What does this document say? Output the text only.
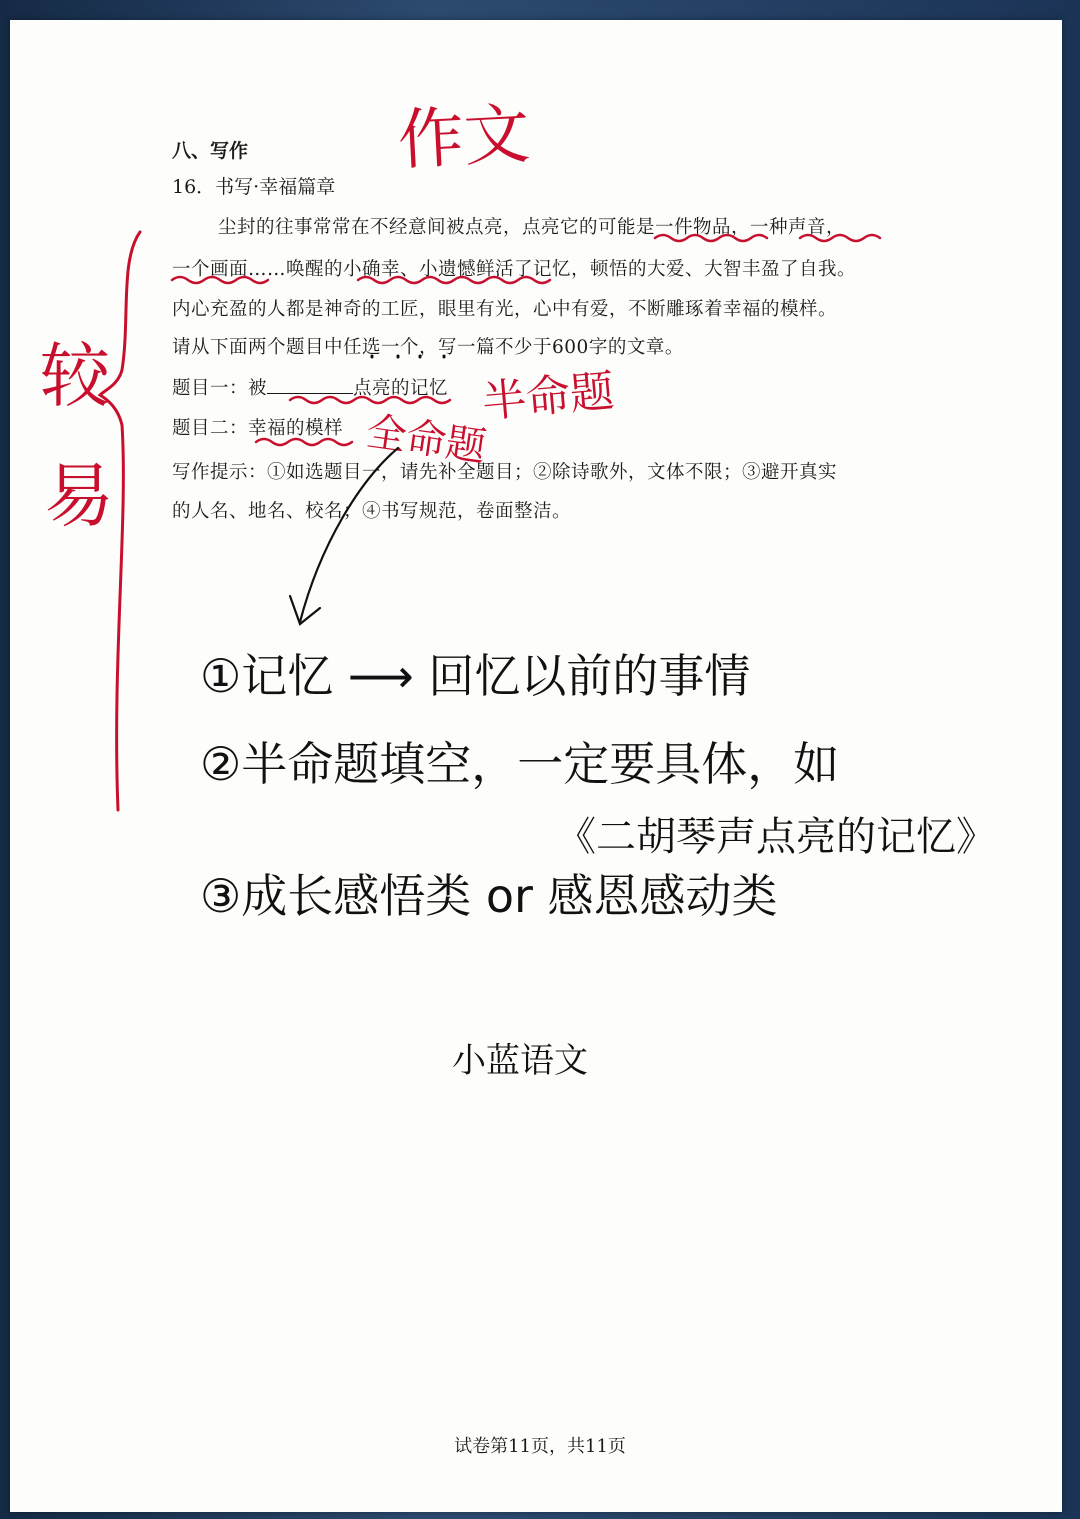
八、写作
16．书写·幸福篇章
尘封的往事常常在不经意间被点亮，点亮它的可能是一件物品，一种声音，
一个画面……唤醒的小确幸、小遗憾鲜活了记忆，顿悟的大爱、大智丰盈了自我。
内心充盈的人都是神奇的工匠，眼里有光，心中有爱，不断雕琢着幸福的模样。
请从下面两个题目中任选一个，写一篇不少于600字的文章。
题目一：被	点亮的记忆
题目二：幸福的模样
写作提示：①如选题目一，请先补全题目；②除诗歌外，文体不限；③避开真实
的人名、地名、校名；④书写规范，卷面整洁。
试卷第11页，共11页
作文
半命题
全命题
较
易
①记忆 ⟶ 回忆以前的事情
②半命题填空，一定要具体，如
《二胡琴声点亮的记忆》
③成长感悟类 or 感恩感动类
小蓝语文
